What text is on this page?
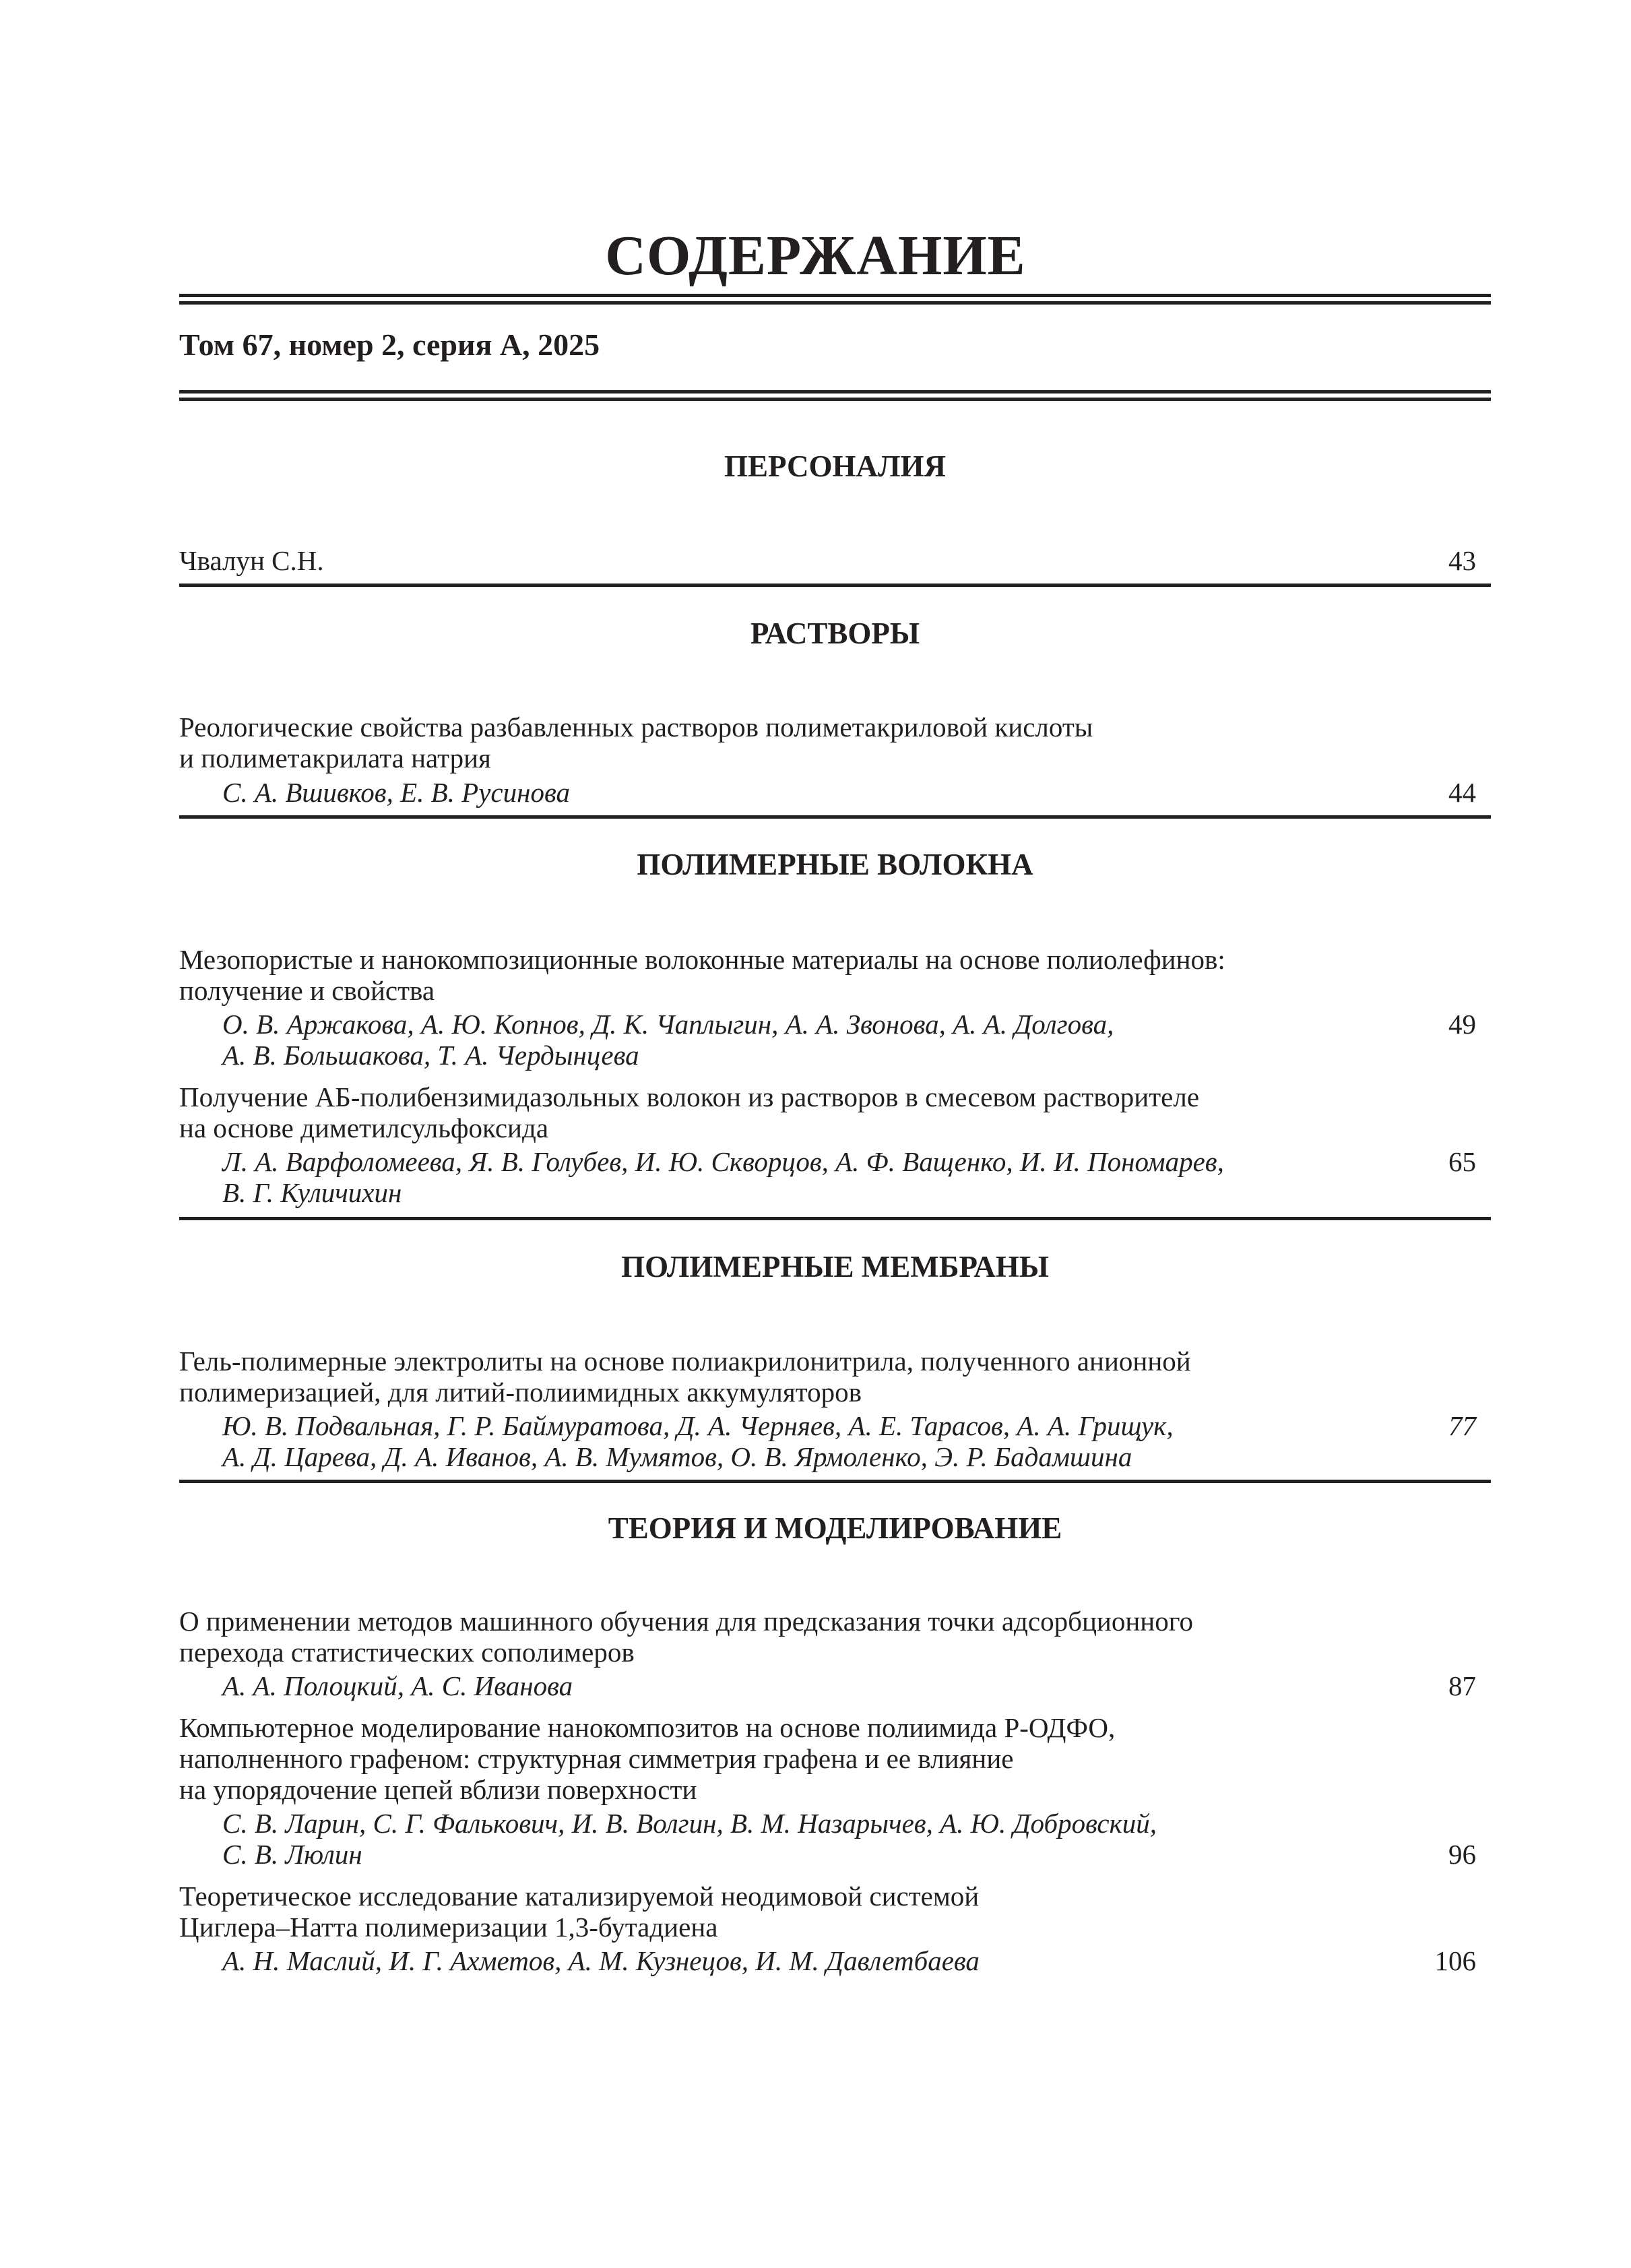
СОДЕРЖАНИЕ
Том 67, номер 2, серия А, 2025
ПЕРСОНАЛИЯ
Чвалун С.Н.	43
РАСТВОРЫ
Реологические свойства разбавленных растворов полиметакриловой кислоты
и полиметакрилата натрия
С. А. Вшивков, Е. В. Русинова	44
ПОЛИМЕРНЫЕ ВОЛОКНА
Мезопористые и нанокомпозиционные волоконные материалы на основе полиолефинов:
получение и свойства
О. В. Аржакова, А. Ю. Копнов, Д. К. Чаплыгин, А. А. Звонова, А. А. Долгова,
А. В. Большакова, Т. А. Чердынцева
49
Получение АБ-полибензимидазольных волокон из растворов в смесевом растворителе
на основе диметилсульфоксида
Л. А. Варфоломеева, Я. В. Голубев, И. Ю. Скворцов, А. Ф. Ващенко, И. И. Пономарев,
В. Г. Куличихин
65
ПОЛИМЕРНЫЕ МЕМБРАНЫ
Гель-полимерные электролиты на основе полиакрилонитрила, полученного анионной
полимеризацией, для литий-полиимидных аккумуляторов
Ю. В. Подвальная, Г. Р. Баймуратова, Д. А. Черняев, А. Е. Тарасов, А. А. Грищук,
А. Д. Царева, Д. А. Иванов, А. В. Мумятов, О. В. Ярмоленко, Э. Р. Бадамшина
77
ТЕОРИЯ И МОДЕЛИРОВАНИЕ
О применении методов машинного обучения для предсказания точки адсорбционного
перехода статистических сополимеров
А. А. Полоцкий, А. С. Иванова	87
Компьютерное моделирование нанокомпозитов на основе полиимида Р-ОДФО,
наполненного графеном: структурная симметрия графена и ее влияние
на упорядочение цепей вблизи поверхности
С. В. Ларин, С. Г. Фалькович, И. В. Волгин, В. М. Назарычев, А. Ю. Добровский,
С. В. Люлин	96
Теоретическое исследование катализируемой неодимовой системой
Циглера–Натта полимеризации 1,3-бутадиена
А. Н. Маслий, И. Г. Ахметов, А. М. Кузнецов, И. М. Давлетбаева	106
